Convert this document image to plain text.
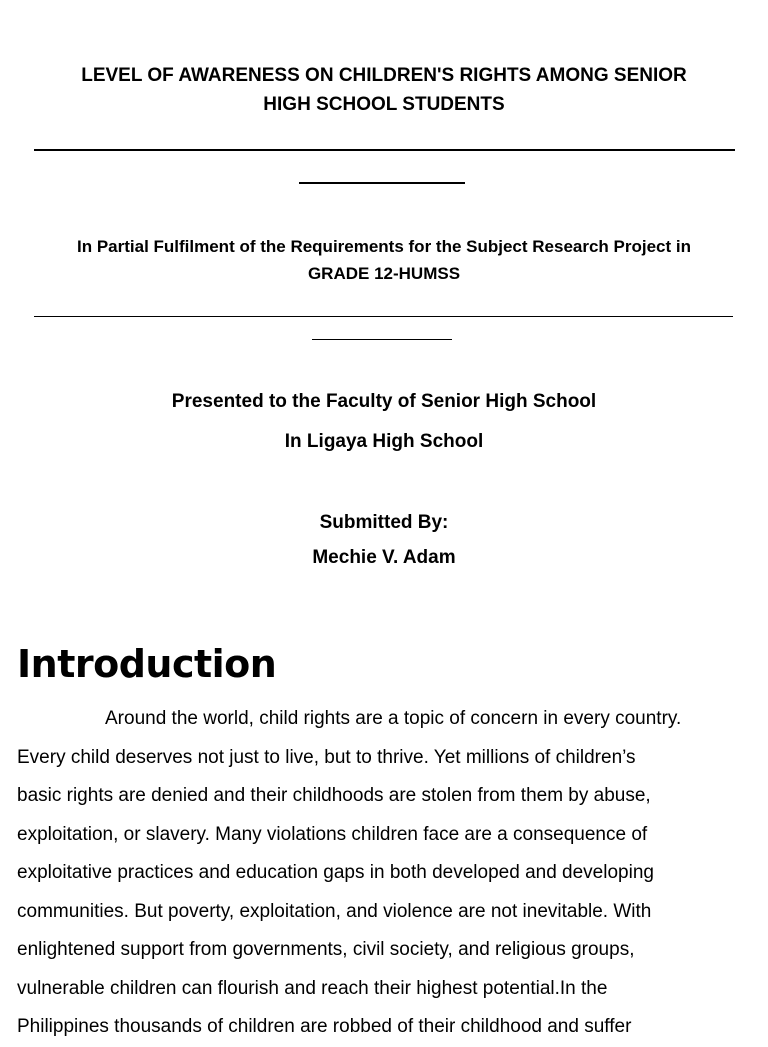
LEVEL OF AWARENESS ON CHILDREN'S RIGHTS AMONG SENIOR
HIGH SCHOOL STUDENTS
In Partial Fulfilment of the Requirements for the Subject Research Project in
GRADE 12-HUMSS
Presented to the Faculty of Senior High School
In Ligaya High School
Submitted By:
Mechie V. Adam
Introduction
Around the world, child rights are a topic of concern in every country.
Every child deserves not just to live, but to thrive. Yet millions of children’s
basic rights are denied and their childhoods are stolen from them by abuse,
exploitation, or slavery. Many violations children face are a consequence of
exploitative practices and education gaps in both developed and developing
communities. But poverty, exploitation, and violence are not inevitable. With
enlightened support from governments, civil society, and religious groups,
vulnerable children can flourish and reach their highest potential.In the
Philippines thousands of children are robbed of their childhood and suffer
